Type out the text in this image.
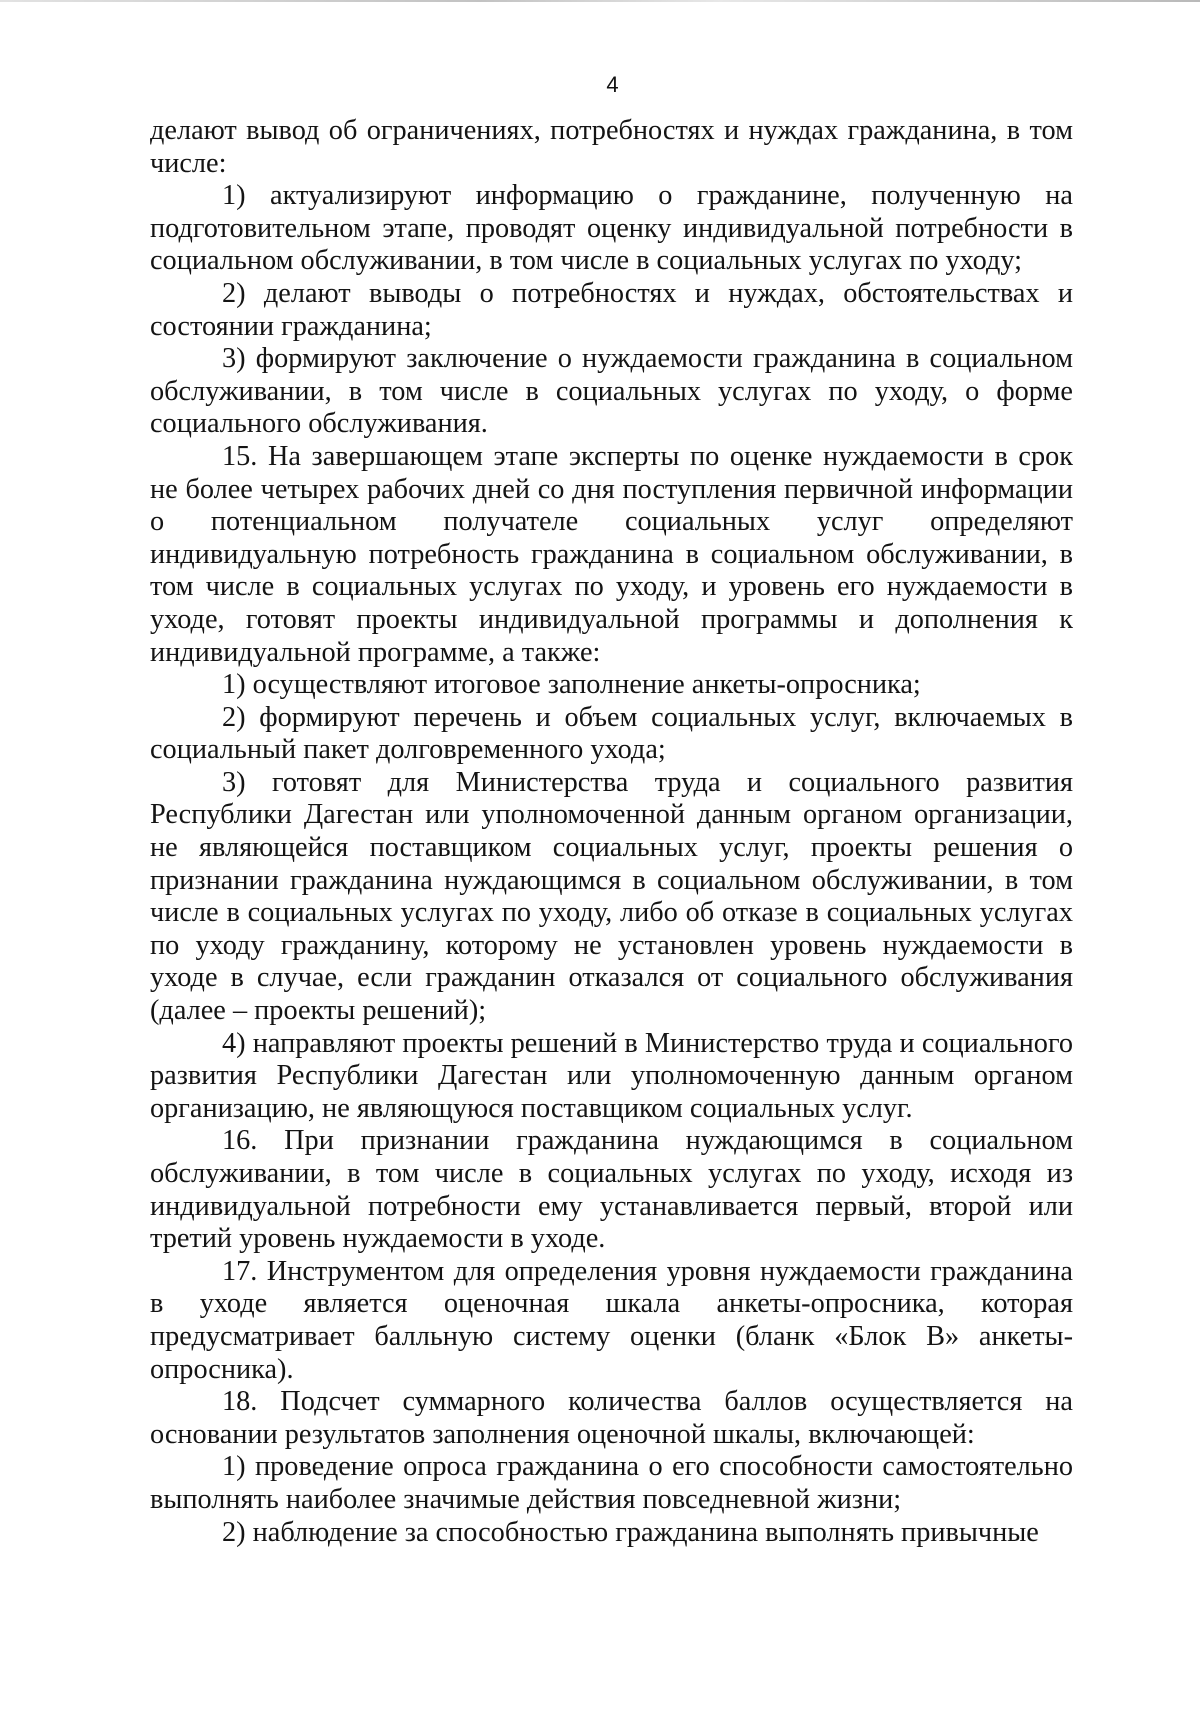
4

делают вывод об ограничениях, потребностях и нуждах гражданина, в том числе:

1) актуализируют информацию о гражданине, полученную на подготовительном этапе, проводят оценку индивидуальной потребности в социальном обслуживании, в том числе в социальных услугах по уходу;

2) делают выводы о потребностях и нуждах, обстоятельствах и состоянии гражданина;

3) формируют заключение о нуждаемости гражданина в социальном обслуживании, в том числе в социальных услугах по уходу, о форме социального обслуживания.

15. На завершающем этапе эксперты по оценке нуждаемости в срок не более четырех рабочих дней со дня поступления первичной информации о потенциальном получателе социальных услуг определяют индивидуальную потребность гражданина в социальном обслуживании, в том числе в социальных услугах по уходу, и уровень его нуждаемости в уходе, готовят проекты индивидуальной программы и дополнения к индивидуальной программе, а также:

1) осуществляют итоговое заполнение анкеты-опросника;

2) формируют перечень и объем социальных услуг, включаемых в социальный пакет долговременного ухода;

3) готовят для Министерства труда и социального развития Республики Дагестан или уполномоченной данным органом организации, не являющейся поставщиком социальных услуг, проекты решения о признании гражданина нуждающимся в социальном обслуживании, в том числе в социальных услугах по уходу, либо об отказе в социальных услугах по уходу гражданину, которому не установлен уровень нуждаемости в уходе в случае, если гражданин отказался от социального обслуживания (далее – проекты решений);

4) направляют проекты решений в Министерство труда и социального развития Республики Дагестан или уполномоченную данным органом организацию, не являющуюся поставщиком социальных услуг.

16. При признании гражданина нуждающимся в социальном обслуживании, в том числе в социальных услугах по уходу, исходя из индивидуальной потребности ему устанавливается первый, второй или третий уровень нуждаемости в уходе.

17. Инструментом для определения уровня нуждаемости гражданина в уходе является оценочная шкала анкеты-опросника, которая предусматривает балльную систему оценки (бланк «Блок В» анкеты-опросника).

18. Подсчет суммарного количества баллов осуществляется на основании результатов заполнения оценочной шкалы, включающей:

1) проведение опроса гражданина о его способности самостоятельно выполнять наиболее значимые действия повседневной жизни;

2) наблюдение за способностью гражданина выполнять привычные
